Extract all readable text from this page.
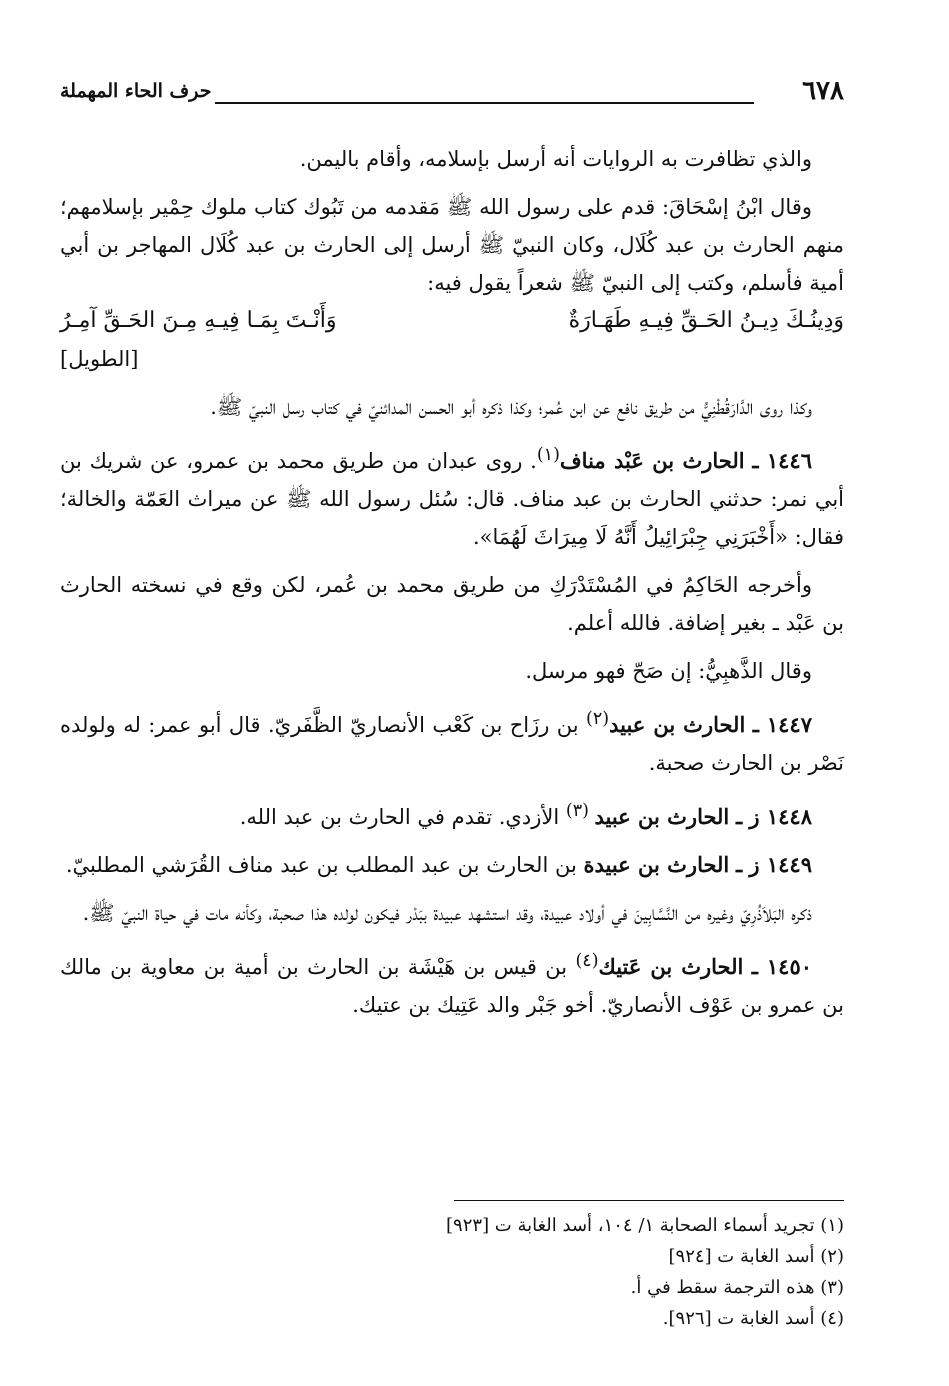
٦٧٨
حرف الحاء المهملة

والذي تظافرت به الروايات أنه أرسل بإسلامه، وأقام باليمن.

وقال ابْنُ إسْحَاقَ: قدم على رسول الله ﷺ مَقدمه من تَبُوك كتاب ملوك حِمْير بإسلامهم؛ منهم الحارث بن عبد كُلَال، وكان النبيّ ﷺ أرسل إلى الحارث بن عبد كُلَال المهاجر بن أبي أمية فأسلم، وكتب إلى النبيّ ﷺ شعراً يقول فيه:

وَدِينُـكَ دِيـنُ الحَـقِّ فِيـهِ طَهَـارَةٌ
وَأَنْـتَ بِمَـا فِيـهِ مِـنَ الحَـقِّ آمِـرُ
[الطويل]

وكذا روى الدَّارَقُطْنِيُّ من طريق نافع عن ابن عُمر؛ وكذا ذكره أبو الحسن المدائنيّ في كتاب رسل النبيّ ﷺ.

١٤٤٦ ـ الحارث بن عَبْد مناف$^{(١)}$. روى عبدان من طريق محمد بن عمرو، عن شريك بن أبي نمر: حدثني الحارث بن عبد مناف. قال: سُئل رسول الله ﷺ عن ميراث العَمّة والخالة؛ فقال: «أَخْبَرَنِي جِبْرَائِيلُ أَنَّهُ لَا مِيرَاثَ لَهُمَا».

وأخرجه الحَاكِمُ في المُسْتَدْرَكِ من طريق محمد بن عُمر، لكن وقع في نسخته الحارث بن عَبْد ـ بغير إضافة. فالله أعلم.

وقال الذَّهبِيُّ: إن صَحّ فهو مرسل.

١٤٤٧ ـ الحارث بن عبيد$^{(٢)}$ بن رزَاح بن كَعْب الأنصاريّ الظَّفَريّ. قال أبو عمر: له ولولده نَصْر بن الحارث صحبة.

١٤٤٨ ز ـ الحارث بن عبيد $^{(٣)}$ الأزدي. تقدم في الحارث بن عبد الله.

١٤٤٩ ز ـ الحارث بن عبيدة بن الحارث بن عبد المطلب بن عبد مناف القُرَشي المطلبيّ.

ذكره البَلاَذُرِيّ وغيره من النَّسَّابِينَ في أولاد عبيدة، وقد استشهد عبيدة ببَدْر فيكون لولده هذا صحبة، وكأنه مات في حياة النبيّ ﷺ.

١٤٥٠ ـ الحارث بن عَتيك$^{(٤)}$ بن قيس بن هَيْشَة بن الحارث بن أمية بن معاوية بن مالك بن عمرو بن عَوْف الأنصاريّ. أخو جَبْر والد عَتِيك بن عتيك.

(١) تجريد أسماء الصحابة ١/ ١٠٤، أسد الغابة ت [٩٢٣]

(٢) أسد الغابة ت [٩٢٤]

(٣) هذه الترجمة سقط في أ.

(٤) أسد الغابة ت [٩٢٦].
